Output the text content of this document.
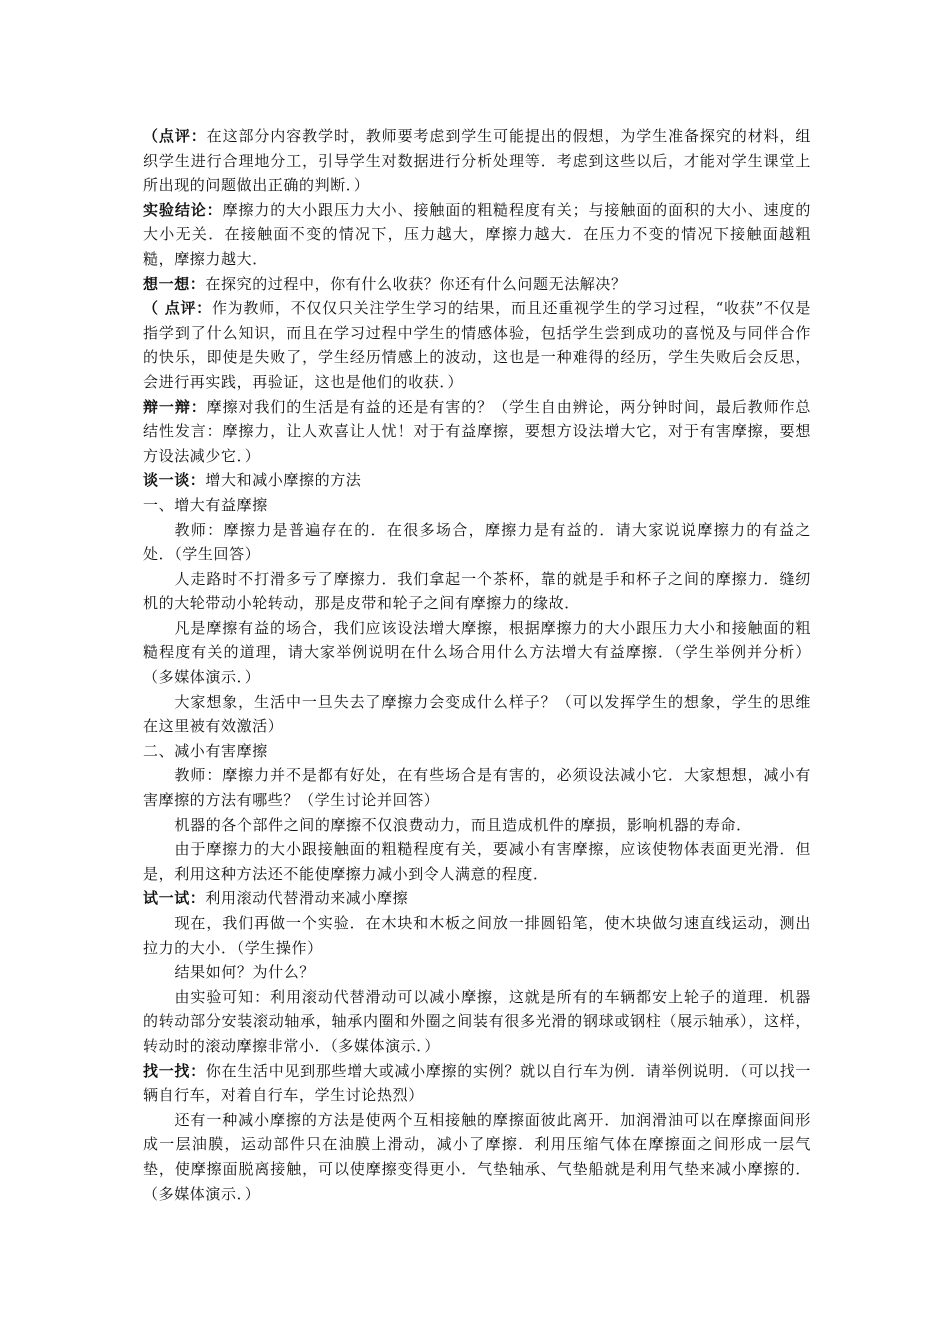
（点评：在这部分内容教学时，教师要考虑到学生可能提出的假想，为学生准备探究的材料，组织学生进行合理地分工，引导学生对数据进行分析处理等．考虑到这些以后，才能对学生课堂上所出现的问题做出正确的判断．）

实验结论：摩擦力的大小跟压力大小、接触面的粗糙程度有关；与接触面的面积的大小、速度的大小无关．在接触面不变的情况下，压力越大，摩擦力越大．在压力不变的情况下接触面越粗糙，摩擦力越大．

想一想：在探究的过程中，你有什么收获？你还有什么问题无法解决？

（ 点评：作为教师，不仅仅只关注学生学习的结果，而且还重视学生的学习过程，“收获”不仅是指学到了什么知识，而且在学习过程中学生的情感体验，包括学生尝到成功的喜悦及与同伴合作的快乐，即使是失败了，学生经历情感上的波动，这也是一种难得的经历，学生失败后会反思，会进行再实践，再验证，这也是他们的收获．）

辩一辩：摩擦对我们的生活是有益的还是有害的？（学生自由辨论，两分钟时间，最后教师作总结性发言：摩擦力，让人欢喜让人忧！对于有益摩擦，要想方设法增大它，对于有害摩擦，要想方设法减少它．）

谈一谈：增大和减小摩擦的方法

一、增大有益摩擦

教师：摩擦力是普遍存在的．在很多场合，摩擦力是有益的．请大家说说摩擦力的有益之处．（学生回答）

人走路时不打滑多亏了摩擦力．我们拿起一个茶杯，靠的就是手和杯子之间的摩擦力．缝纫机的大轮带动小轮转动，那是皮带和轮子之间有摩擦力的缘故．

凡是摩擦有益的场合，我们应该设法增大摩擦，根据摩擦力的大小跟压力大小和接触面的粗糙程度有关的道理，请大家举例说明在什么场合用什么方法增大有益摩擦．（学生举例并分析）（多媒体演示．）

大家想象，生活中一旦失去了摩擦力会变成什么样子？（可以发挥学生的想象，学生的思维在这里被有效激活）

二、减小有害摩擦

教师：摩擦力并不是都有好处，在有些场合是有害的，必须设法减小它．大家想想，减小有害摩擦的方法有哪些？（学生讨论并回答）

机器的各个部件之间的摩擦不仅浪费动力，而且造成机件的摩损，影响机器的寿命．

由于摩擦力的大小跟接触面的粗糙程度有关，要减小有害摩擦，应该使物体表面更光滑．但是，利用这种方法还不能使摩擦力减小到令人满意的程度．

试一试：利用滚动代替滑动来减小摩擦

现在，我们再做一个实验．在木块和木板之间放一排圆铅笔，使木块做匀速直线运动，测出拉力的大小．（学生操作）

结果如何？为什么？

由实验可知：利用滚动代替滑动可以减小摩擦，这就是所有的车辆都安上轮子的道理．机器的转动部分安装滚动轴承，轴承内圈和外圈之间装有很多光滑的钢球或钢柱（展示轴承），这样，转动时的滚动摩擦非常小．（多媒体演示．）

找一找：你在生活中见到那些增大或减小摩擦的实例？就以自行车为例．请举例说明．（可以找一辆自行车，对着自行车，学生讨论热烈）

还有一种减小摩擦的方法是使两个互相接触的摩擦面彼此离开．加润滑油可以在摩擦面间形成一层油膜，运动部件只在油膜上滑动，减小了摩擦．利用压缩气体在摩擦面之间形成一层气垫，使摩擦面脱离接触，可以使摩擦变得更小．气垫轴承、气垫船就是利用气垫来减小摩擦的．（多媒体演示．）
